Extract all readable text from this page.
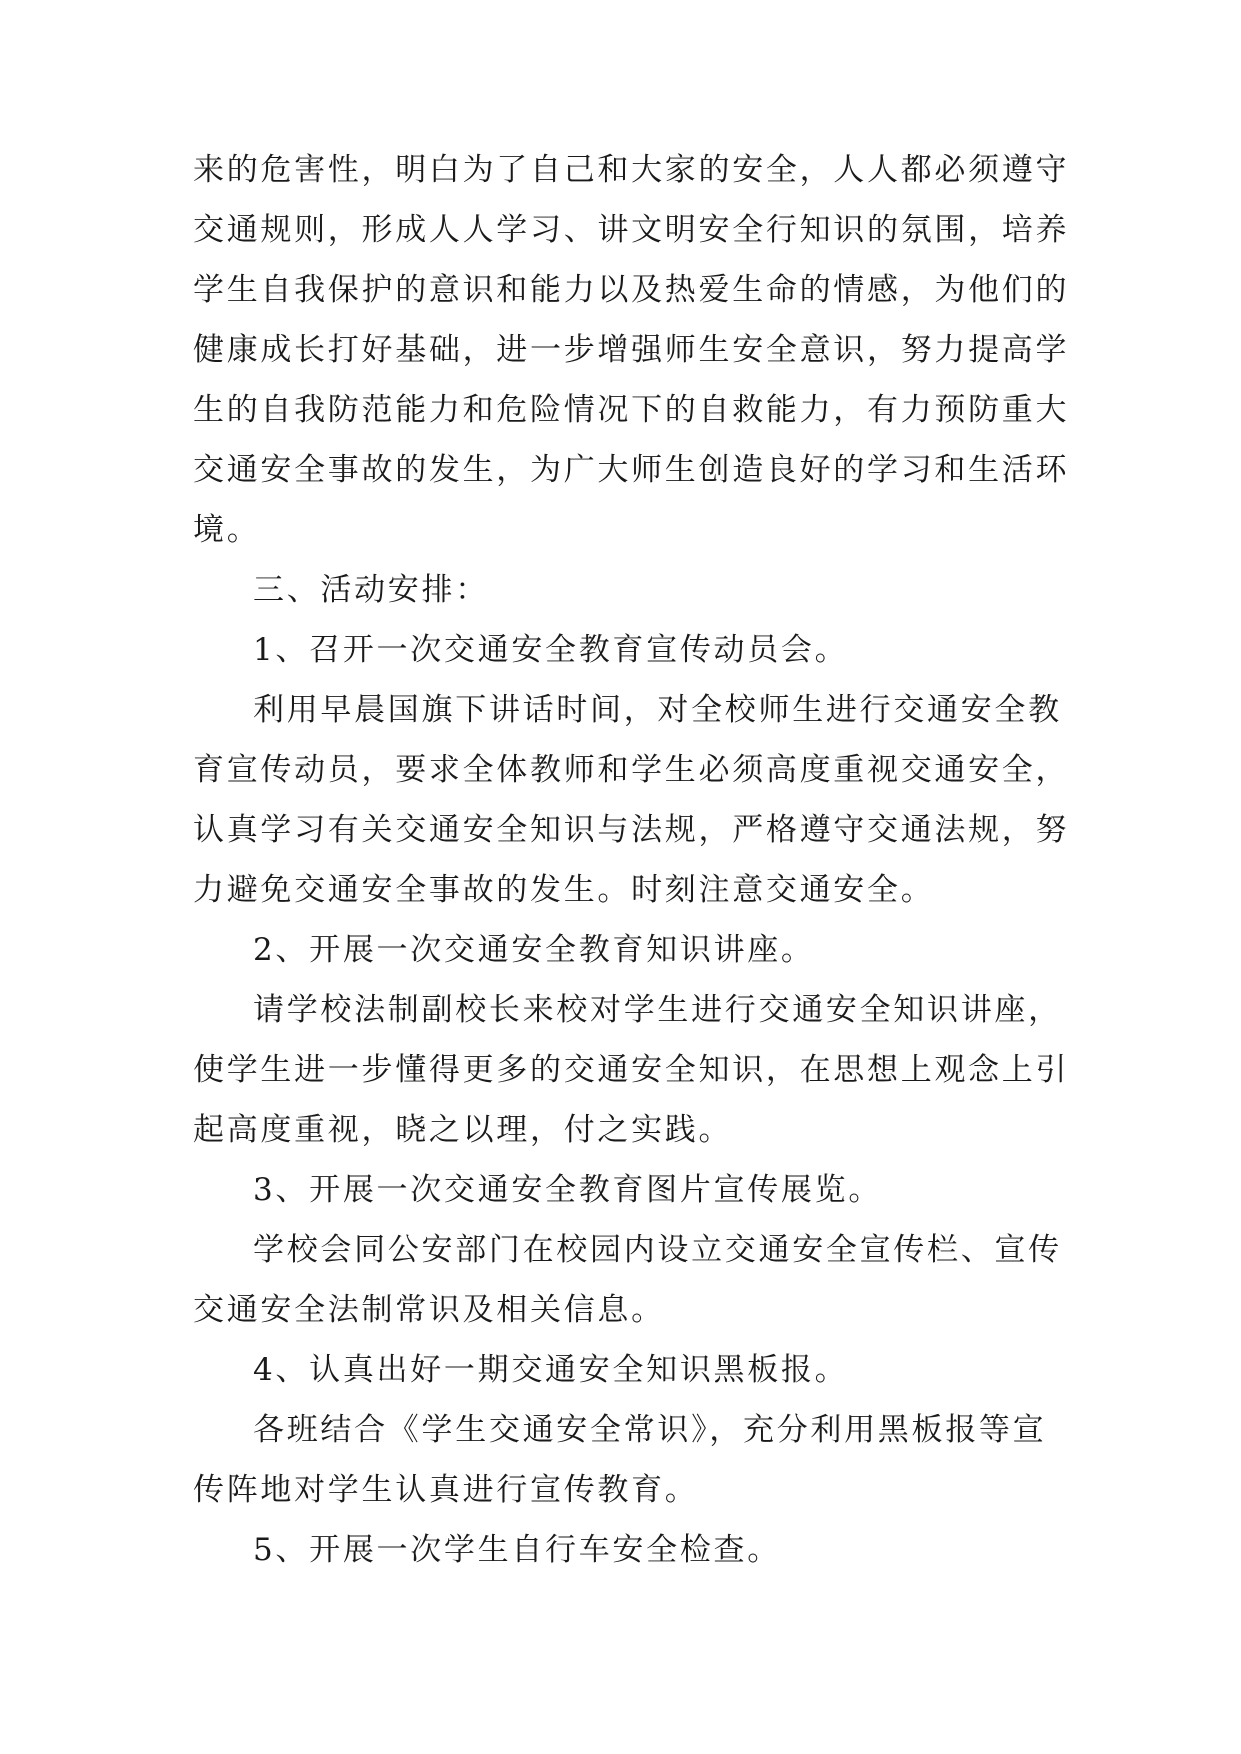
来的危害性，明白为了自己和大家的安全，人人都必须遵守

交通规则，形成人人学习、讲文明安全行知识的氛围，培养

学生自我保护的意识和能力以及热爱生命的情感，为他们的

健康成长打好基础，进一步增强师生安全意识，努力提高学

生的自我防范能力和危险情况下的自救能力，有力预防重大

交通安全事故的发生，为广大师生创造良好的学习和生活环

境。

三、活动安排：

1、召开一次交通安全教育宣传动员会。

利用早晨国旗下讲话时间，对全校师生进行交通安全教

育宣传动员，要求全体教师和学生必须高度重视交通安全，

认真学习有关交通安全知识与法规，严格遵守交通法规，努

力避免交通安全事故的发生。时刻注意交通安全。

2、开展一次交通安全教育知识讲座。

请学校法制副校长来校对学生进行交通安全知识讲座，

使学生进一步懂得更多的交通安全知识，在思想上观念上引

起高度重视，晓之以理，付之实践。

3、开展一次交通安全教育图片宣传展览。

学校会同公安部门在校园内设立交通安全宣传栏、宣传

交通安全法制常识及相关信息。

4、认真出好一期交通安全知识黑板报。

各班结合《学生交通安全常识》，充分利用黑板报等宣

传阵地对学生认真进行宣传教育。

5、开展一次学生自行车安全检查。
